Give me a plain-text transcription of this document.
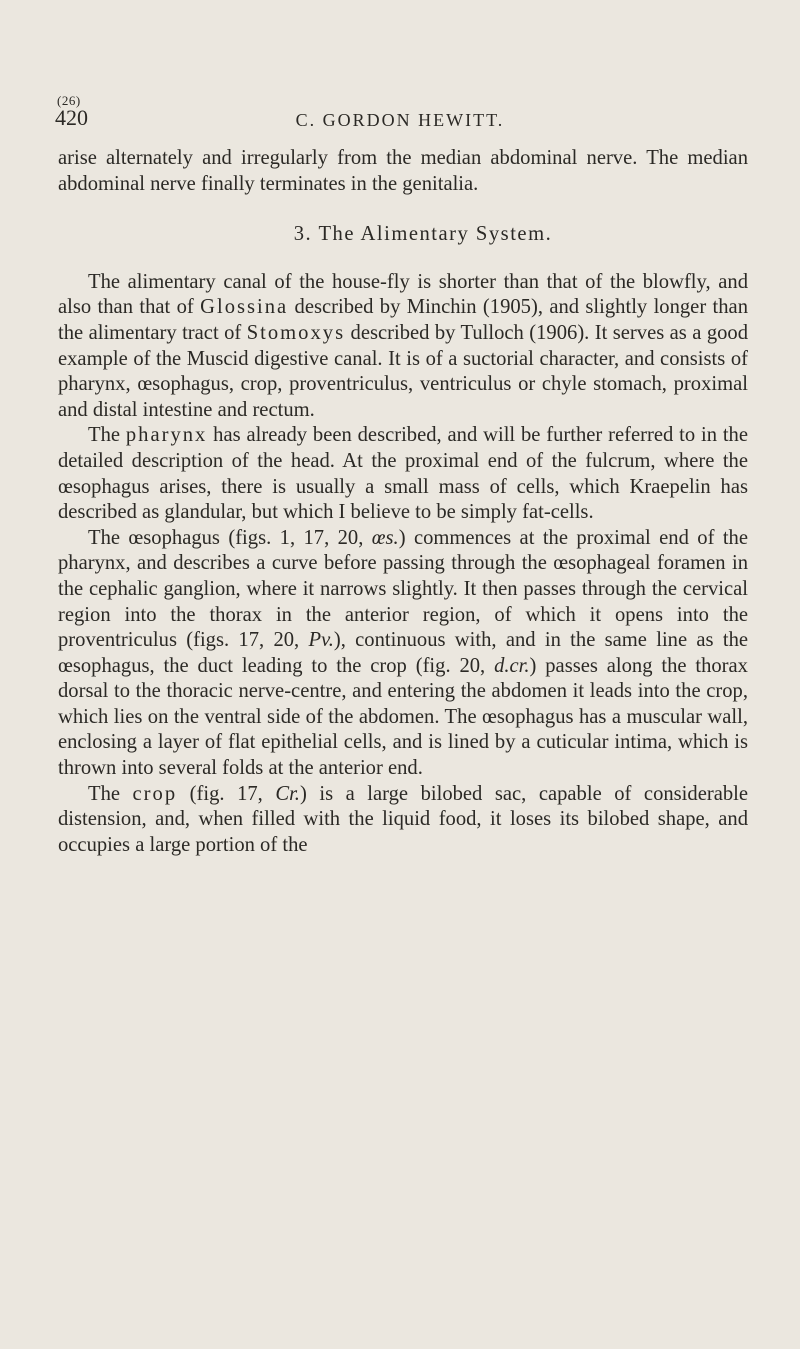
(26)
420	C. GORDON HEWITT.

arise alternately and irregularly from the median abdominal nerve. The median abdominal nerve finally terminates in the genitalia.

3. The Alimentary System.

The alimentary canal of the house-fly is shorter than that of the blowfly, and also than that of Glossina described by Minchin (1905), and slightly longer than the alimentary tract of Stomoxys described by Tulloch (1906). It serves as a good example of the Muscid digestive canal. It is of a suctorial character, and consists of pharynx, œsophagus, crop, proventriculus, ventriculus or chyle stomach, proximal and distal intestine and rectum.

The pharynx has already been described, and will be further referred to in the detailed description of the head. At the proximal end of the fulcrum, where the œsophagus arises, there is usually a small mass of cells, which Kraepelin has described as glandular, but which I believe to be simply fat-cells.

The œsophagus (figs. 1, 17, 20, œs.) commences at the proximal end of the pharynx, and describes a curve before passing through the œsophageal foramen in the cephalic ganglion, where it narrows slightly. It then passes through the cervical region into the thorax in the anterior region, of which it opens into the proventriculus (figs. 17, 20, Pv.), continuous with, and in the same line as the œsophagus, the duct leading to the crop (fig. 20, d.cr.) passes along the thorax dorsal to the thoracic nerve-centre, and entering the abdomen it leads into the crop, which lies on the ventral side of the abdomen. The œsophagus has a muscular wall, enclosing a layer of flat epithelial cells, and is lined by a cuticular intima, which is thrown into several folds at the anterior end.

The crop (fig. 17, Cr.) is a large bilobed sac, capable of considerable distension, and, when filled with the liquid food, it loses its bilobed shape, and occupies a large portion of the
